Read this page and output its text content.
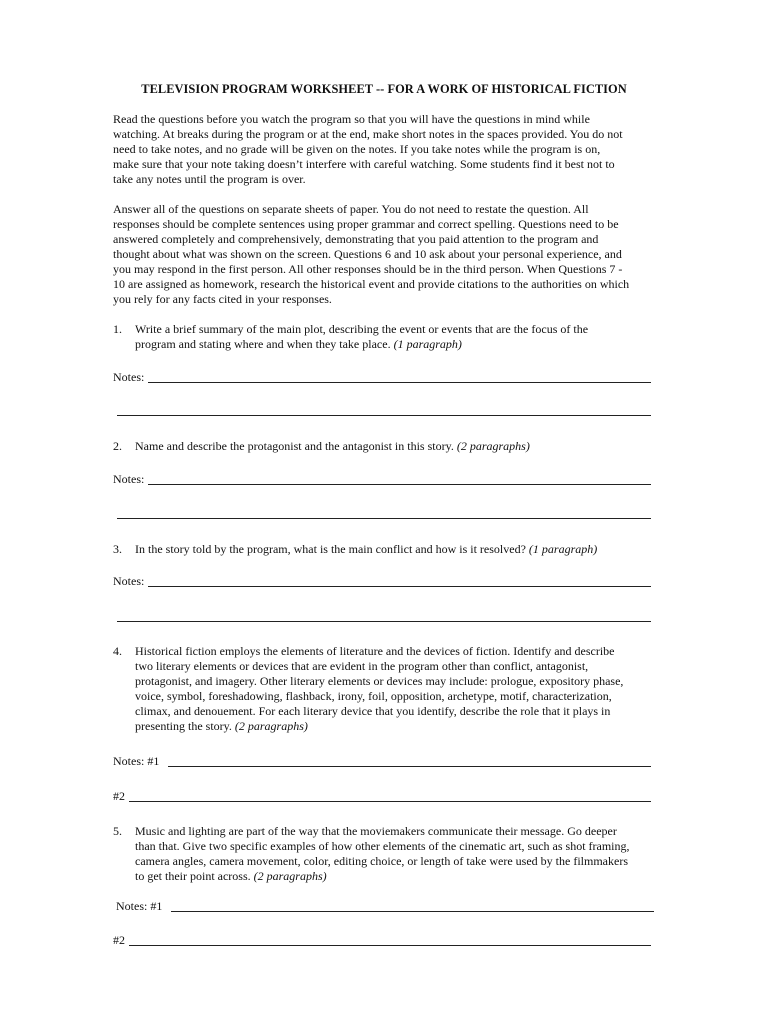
TELEVISION PROGRAM WORKSHEET -- FOR A WORK OF HISTORICAL FICTION
Read the questions before you watch the program so that you will have the questions in mind while
watching. At breaks during the program or at the end, make short notes in the spaces provided. You do not
need to take notes, and no grade will be given on the notes. If you take notes while the program is on,
make sure that your note taking doesn’t interfere with careful watching. Some students find it best not to
take any notes until the program is over.
Answer all of the questions on separate sheets of paper. You do not need to restate the question. All
responses should be complete sentences using proper grammar and correct spelling. Questions need to be
answered completely and comprehensively, demonstrating that you paid attention to the program and
thought about what was shown on the screen. Questions 6 and 10 ask about your personal experience, and
you may respond in the first person. All other responses should be in the third person. When Questions 7 -
10 are assigned as homework, research the historical event and provide citations to the authorities on which
you rely for any facts cited in your responses.
1. Write a brief summary of the main plot, describing the event or events that are the focus of the
program and stating where and when they take place. (1 paragraph)
Notes:
2. Name and describe the protagonist and the antagonist in this story. (2 paragraphs)
Notes:
3. In the story told by the program, what is the main conflict and how is it resolved? (1 paragraph)
Notes:
4. Historical fiction employs the elements of literature and the devices of fiction. Identify and describe
two literary elements or devices that are evident in the program other than conflict, antagonist,
protagonist, and imagery. Other literary elements or devices may include: prologue, expository phase,
voice, symbol, foreshadowing, flashback, irony, foil, opposition, archetype, motif, characterization,
climax, and denouement. For each literary device that you identify, describe the role that it plays in
presenting the story. (2 paragraphs)
Notes: #1
#2
5. Music and lighting are part of the way that the moviemakers communicate their message. Go deeper
than that. Give two specific examples of how other elements of the cinematic art, such as shot framing,
camera angles, camera movement, color, editing choice, or length of take were used by the filmmakers
to get their point across. (2 paragraphs)
Notes: #1
#2
